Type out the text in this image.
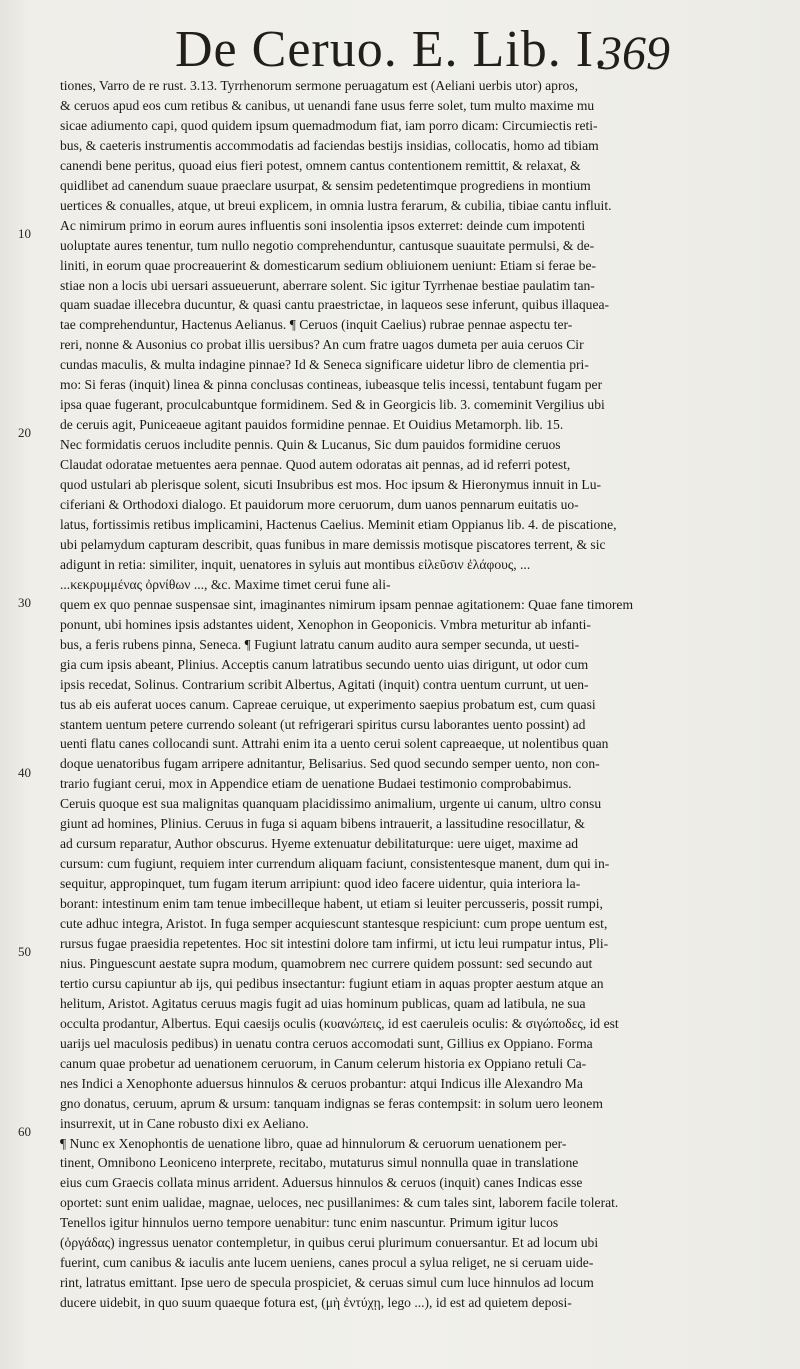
De Ceruo. E. Lib. I.
369
10
20
30
40
50
60
tiones, Varro de re rust. 3.13. Tyrrhenorum sermone peruagatum est (Aeliani uerbis utor) apros,
& ceruos apud eos cum retibus & canibus, ut uenandi fane usus ferre solet, tum multo maxime mu
sicae adiumento capi, quod quidem ipsum quemadmodum fiat, iam porro dicam: Circumiectis reti-
bus, & caeteris instrumentis accommodatis ad faciendas bestijs insidias, collocatis, homo ad tibiam
canendi bene peritus, quoad eius fieri potest, omnem cantus contentionem remittit, & relaxat, &
quidlibet ad canendum suaue praeclare usurpat, & sensim pedetentimque progrediens in montium
uertices & conualles, atque, ut breui explicem, in omnia lustra ferarum, & cubilia, tibiae cantu influit.
Ac nimirum primo in eorum aures influentis soni insolentia ipsos exterret: deinde cum impotenti
uoluptate aures tenentur, tum nullo negotio comprehenduntur, cantusque suauitate permulsi, & de-
liniti, in eorum quae procreauerint & domesticarum sedium obliuionem ueniunt: Etiam si ferae be-
stiae non a locis ubi uersari assueuerunt, aberrare solent. Sic igitur Tyrrhenae bestiae paulatim tan-
quam suadae illecebra ducuntur, & quasi cantu praestrictae, in laqueos sese inferunt, quibus illaquea-
tae comprehenduntur, Hactenus Aelianus. ¶ Ceruos (inquit Caelius) rubrae pennae aspectu ter-
reri, nonne & Ausonius co probat illis uersibus? An cum fratre uagos dumeta per auia ceruos Cir
cundas maculis, & multa indagine pinnae? Id & Seneca significare uidetur libro de clementia pri-
mo: Si feras (inquit) linea & pinna conclusas contineas, iubeasque telis incessi, tentabunt fugam per
ipsa quae fugerant, proculcabuntque formidinem. Sed & in Georgicis lib. 3. comeminit Vergilius ubi
de ceruis agit, Puniceaeue agitant pauidos formidine pennae. Et Ouidius Metamorph. lib. 15.
Nec formidatis ceruos includite pennis. Quin & Lucanus, Sic dum pauidos formidine ceruos
Claudat odoratae metuentes aera pennae. Quod autem odoratas ait pennas, ad id referri potest,
quod ustulari ab plerisque solent, sicuti Insubribus est mos. Hoc ipsum & Hieronymus innuit in Lu-
ciferiani & Orthodoxi dialogo. Et pauidorum more ceruorum, dum uanos pennarum euitatis uo-
latus, fortissimis retibus implicamini, Hactenus Caelius. Meminit etiam Oppianus lib. 4. de piscatione,
ubi pelamydum capturam describit, quas funibus in mare demissis motisque piscatores terrent, & sic
adigunt in retia: similiter, inquit, uenatores in syluis aut montibus εἰλεῦσιν ἐλάφους, ...
...κεκρυμμένας ὀρνίθων ..., &c. Maxime timet cerui fune ali-
quem ex quo pennae suspensae sint, imaginantes nimirum ipsam pennae agitationem: Quae fane timorem
ponunt, ubi homines ipsis adstantes uident, Xenophon in Geoponicis. Vmbra meturitur ab infanti-
bus, a feris rubens pinna, Seneca. ¶ Fugiunt latratu canum audito aura semper secunda, ut uesti-
gia cum ipsis abeant, Plinius. Acceptis canum latratibus secundo uento uias dirigunt, ut odor cum
ipsis recedat, Solinus. Contrarium scribit Albertus, Agitati (inquit) contra uentum currunt, ut uen-
tus ab eis auferat uoces canum. Capreae ceruique, ut experimento saepius probatum est, cum quasi
stantem uentum petere currendo soleant (ut refrigerari spiritus cursu laborantes uento possint) ad
uenti flatu canes collocandi sunt. Attrahi enim ita a uento cerui solent capreaeque, ut nolentibus quan
doque uenatoribus fugam arripere adnitantur, Belisarius. Sed quod secundo semper uento, non con-
trario fugiant cerui, mox in Appendice etiam de uenatione Budaei testimonio comprobabimus.
Ceruis quoque est sua malignitas quanquam placidissimo animalium, urgente ui canum, ultro consu
giunt ad homines, Plinius. Ceruus in fuga si aquam bibens intrauerit, a lassitudine resocillatur, &
ad cursum reparatur, Author obscurus. Hyeme extenuatur debilitaturque: uere uiget, maxime ad
cursum: cum fugiunt, requiem inter currendum aliquam faciunt, consistentesque manent, dum qui in-
sequitur, appropinquet, tum fugam iterum arripiunt: quod ideo facere uidentur, quia interiora la-
borant: intestinum enim tam tenue imbecilleque habent, ut etiam si leuiter percusseris, possit rumpi,
cute adhuc integra, Aristot. In fuga semper acquiescunt stantesque respiciunt: cum prope uentum est,
rursus fugae praesidia repetentes. Hoc sit intestini dolore tam infirmi, ut ictu leui rumpatur intus, Pli-
nius. Pinguescunt aestate supra modum, quamobrem nec currere quidem possunt: sed secundo aut
tertio cursu capiuntur ab ijs, qui pedibus insectantur: fugiunt etiam in aquas propter aestum atque an
helitum, Aristot. Agitatus ceruus magis fugit ad uias hominum publicas, quam ad latibula, ne sua
occulta prodantur, Albertus. Equi caesijs oculis (κυανώπεις, id est caeruleis oculis: & σιγώποδες, id est
uarijs uel maculosis pedibus) in uenatu contra ceruos accomodati sunt, Gillius ex Oppiano. Forma
canum quae probetur ad uenationem ceruorum, in Canum celerum historia ex Oppiano retuli Ca-
nes Indici a Xenophonte aduersus hinnulos & ceruos probantur: atqui Indicus ille Alexandro Ma
gno donatus, ceruum, aprum & ursum: tanquam indignas se feras contempsit: in solum uero leonem
insurrexit, ut in Cane robusto dixi ex Aeliano.
¶ Nunc ex Xenophontis de uenatione libro, quae ad hinnulorum & ceruorum uenationem per-
tinent, Omnibono Leoniceno interprete, recitabo, mutaturus simul nonnulla quae in translatione
eius cum Graecis collata minus arrident. Aduersus hinnulos & ceruos (inquit) canes Indicas esse
oportet: sunt enim ualidae, magnae, ueloces, nec pusillanimes: & cum tales sint, laborem facile tolerat.
Tenellos igitur hinnulos uerno tempore uenabitur: tunc enim nascuntur. Primum igitur lucos
(ὀργάδας) ingressus uenator contempletur, in quibus cerui plurimum conuersantur. Et ad locum ubi
fuerint, cum canibus & iaculis ante lucem ueniens, canes procul a sylua religet, ne si ceruam uide-
rint, latratus emittant. Ipse uero de specula prospiciet, & ceruas simul cum luce hinnulos ad locum
ducere uidebit, in quo suum quaeque fotura est, (μὴ ἐντύχῃ, lego ...), id est ad quietem deposi-
